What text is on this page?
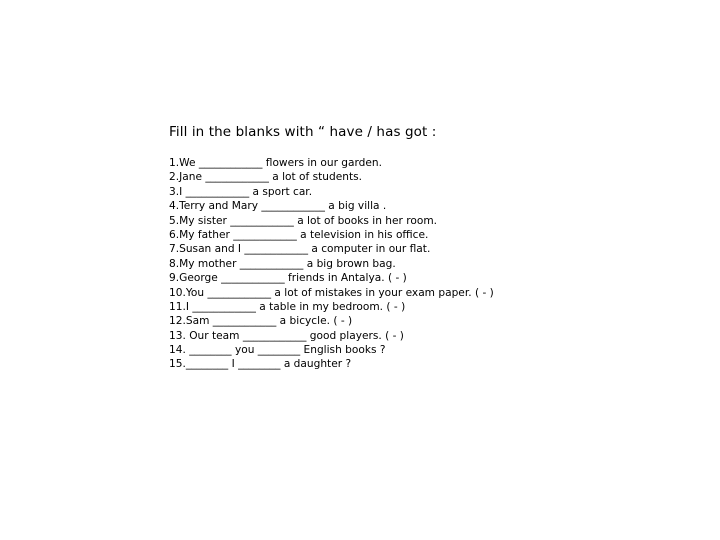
Fill in the blanks with “ have / has got :
1.We ____________ flowers in our garden.
2.Jane ____________ a lot of students.
3.I ____________ a sport car.
4.Terry and Mary ____________ a big villa .
5.My sister ____________ a lot of books in her room.
6.My father ____________ a television in his office.
7.Susan and I ____________ a computer in our flat.
8.My mother ____________ a big brown bag.
9.George ____________ friends in Antalya. ( - )
10.You ____________ a lot of mistakes in your exam paper. ( - )
11.I ____________ a table in my bedroom. ( - )
12.Sam ____________ a bicycle. ( - )
13. Our team ____________ good players. ( - )
14. ________ you ________ English books ?
15.________ I ________ a daughter ?
